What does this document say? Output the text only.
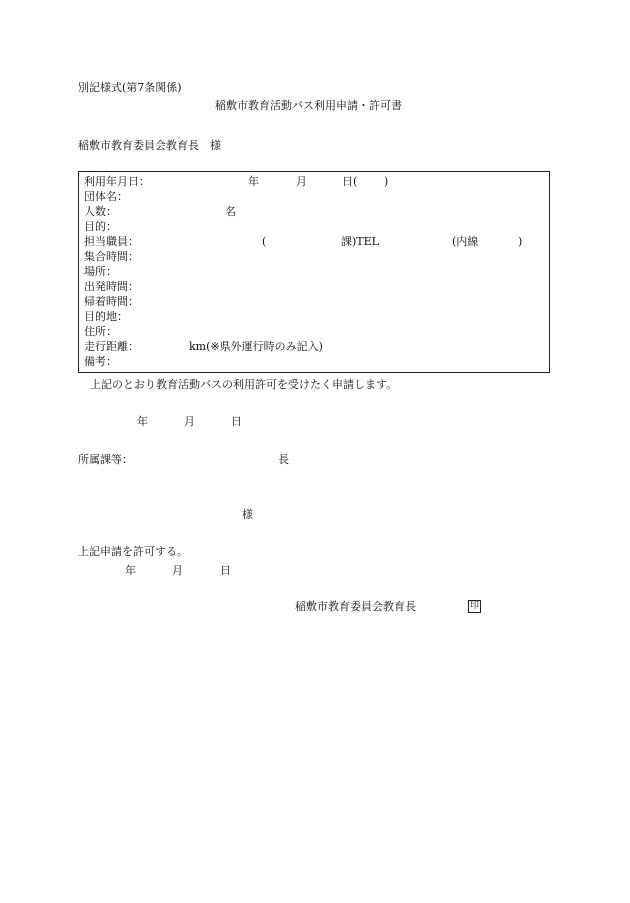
別記様式(第7条関係)
稲敷市教育活動バス利用申請・許可書
稲敷市教育委員会教育長　様
利用年月日：	年	月	日( )
団体名：
人数：	名
目的：
担当職員：	(	課)TEL	(内線	)
集合時間：
場所：
出発時間：
帰着時間：
目的地：
住所：
走行距離：	km(※県外運行時のみ記入)
備考：
上記のとおり教育活動バスの利用許可を受けたく申請します。
年	月	日
所属課等：	長
様
上記申請を許可する。
年	月	日
稲敷市教育委員会教育長	印
